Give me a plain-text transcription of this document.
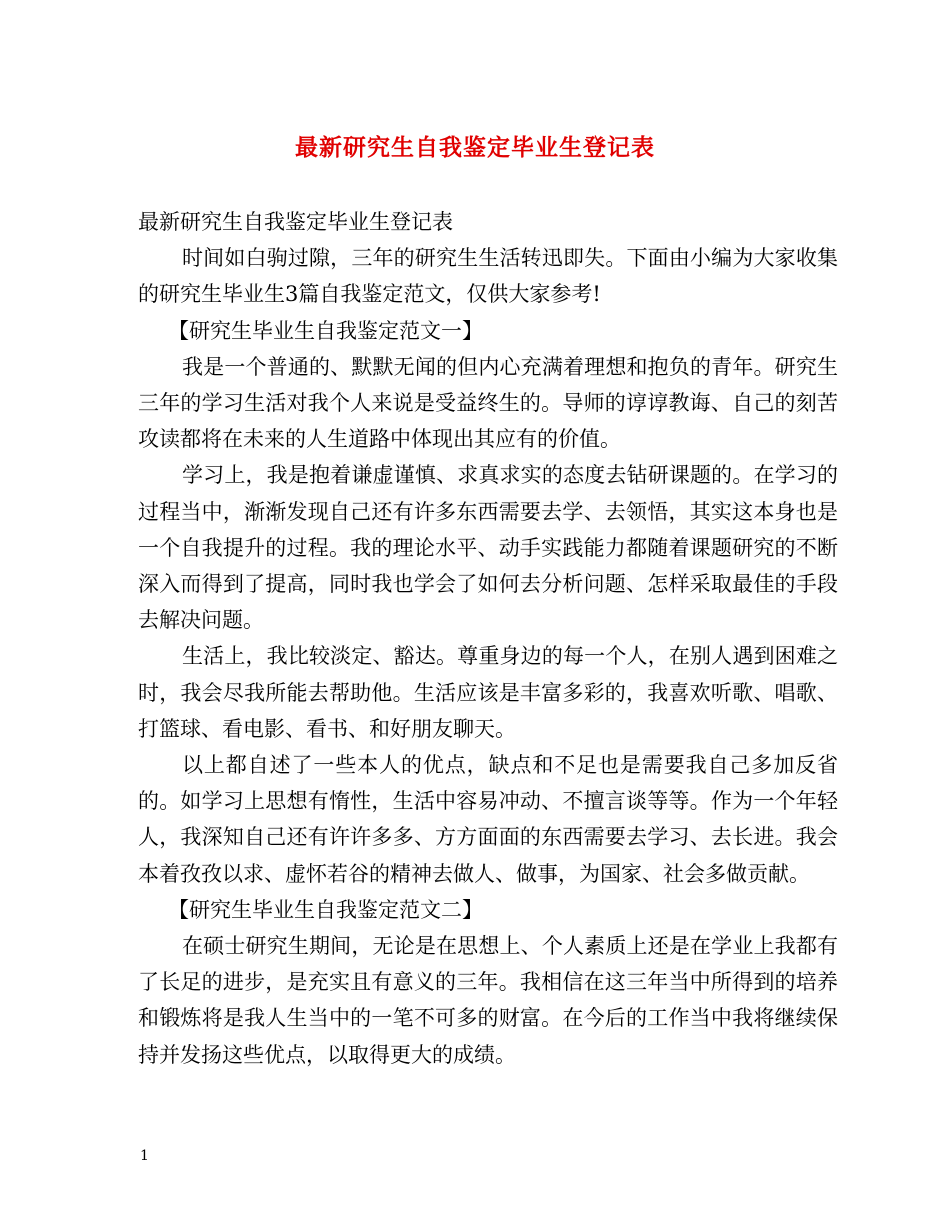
最新研究生自我鉴定毕业生登记表

最新研究生自我鉴定毕业生登记表

时间如白驹过隙，三年的研究生生活转迅即失。下面由小编为大家收集的研究生毕业生3篇自我鉴定范文，仅供大家参考!

【研究生毕业生自我鉴定范文一】

我是一个普通的、默默无闻的但内心充满着理想和抱负的青年。研究生三年的学习生活对我个人来说是受益终生的。导师的谆谆教诲、自己的刻苦攻读都将在未来的人生道路中体现出其应有的价值。

学习上，我是抱着谦虚谨慎、求真求实的态度去钻研课题的。在学习的过程当中，渐渐发现自己还有许多东西需要去学、去领悟，其实这本身也是一个自我提升的过程。我的理论水平、动手实践能力都随着课题研究的不断深入而得到了提高，同时我也学会了如何去分析问题、怎样采取最佳的手段去解决问题。

生活上，我比较淡定、豁达。尊重身边的每一个人，在别人遇到困难之时，我会尽我所能去帮助他。生活应该是丰富多彩的，我喜欢听歌、唱歌、打篮球、看电影、看书、和好朋友聊天。

以上都自述了一些本人的优点，缺点和不足也是需要我自己多加反省的。如学习上思想有惰性，生活中容易冲动、不擅言谈等等。作为一个年轻人，我深知自己还有许许多多、方方面面的东西需要去学习、去长进。我会本着孜孜以求、虚怀若谷的精神去做人、做事，为国家、社会多做贡献。

【研究生毕业生自我鉴定范文二】

在硕士研究生期间，无论是在思想上、个人素质上还是在学业上我都有了长足的进步，是充实且有意义的三年。我相信在这三年当中所得到的培养和锻炼将是我人生当中的一笔不可多的财富。在今后的工作当中我将继续保持并发扬这些优点，以取得更大的成绩。

1
